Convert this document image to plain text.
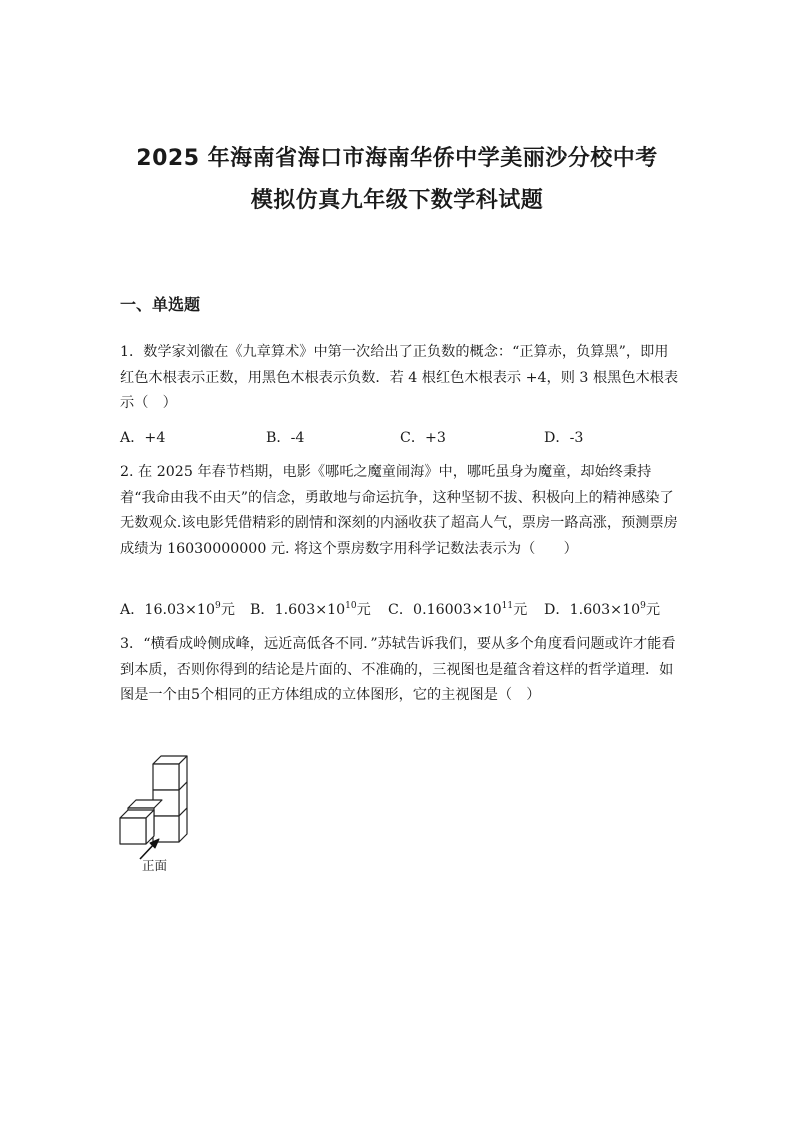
2025 年海南省海口市海南华侨中学美丽沙分校中考
模拟仿真九年级下数学科试题
一、单选题

1．数学家刘徽在《九章算术》中第一次给出了正负数的概念：“正算赤，负算黑”，即用红色木根表示正数，用黑色木根表示负数．若 4 根红色木根表示 +4，则 3 根黑色木根表示（　）

A．+4	B．-4	C．+3	D．-3

2. 在 2025 年春节档期，电影《哪吒之魔童闹海》中，哪吒虽身为魔童，却始终秉持着“我命由我不由天”的信念，勇敢地与命运抗争，这种坚韧不拔、积极向上的精神感染了无数观众.该电影凭借精彩的剧情和深刻的内涵收获了超高人气，票房一路高涨，预测票房成绩为 16030000000 元. 将这个票房数字用科学记数法表示为（　　）

A．$16.03\times 10^9$元 B．$1.603\times 10^{10}$元 C．$0.16003\times 10^{11}$元 D．$1.603\times 10^9$元

3．“横看成岭侧成峰，远近高低各不同．”苏轼告诉我们，要从多个角度看问题或许才能看到本质，否则你得到的结论是片面的、不准确的，三视图也是蕴含着这样的哲学道理．如图是一个由5个相同的正方体组成的立体图形，它的主视图是（　）

正面
